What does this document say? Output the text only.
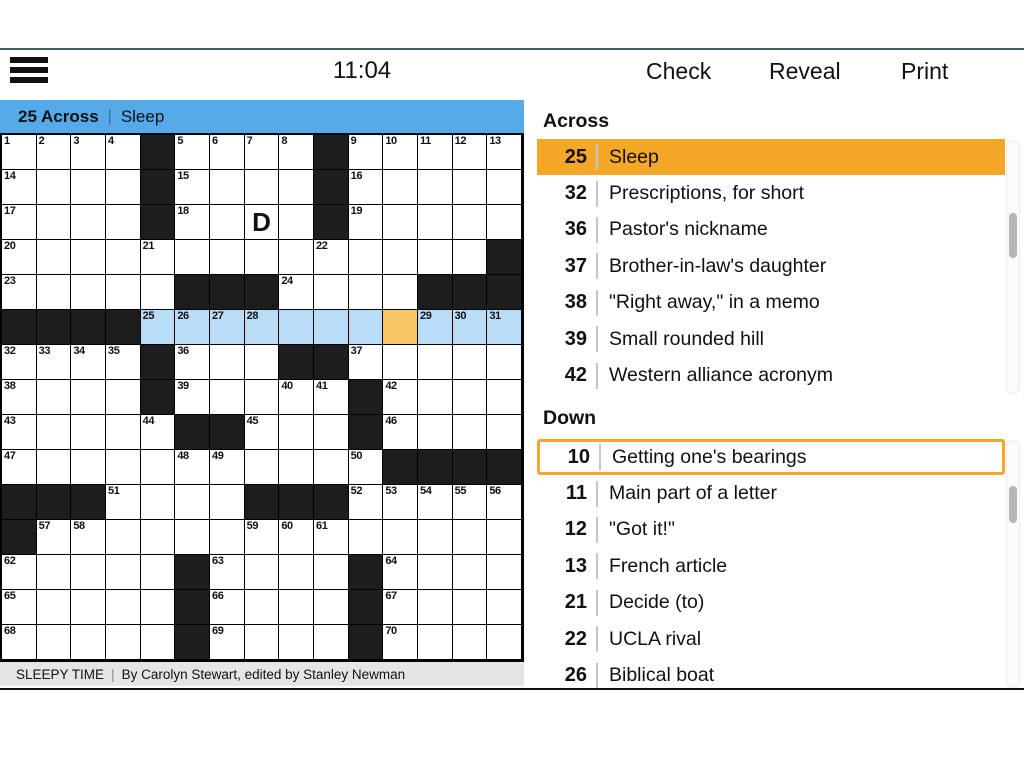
11:04	Check	Reveal	Print
25 Across | Sleep
1	2	3	4	5	6	7	8	9	10 11 12 13
14	15	16
17	18 D	19
20	21	22
23	24
25 26 27 28	29 30 31
32 33 34 35	36	37
38	39	40 41	42
43	44	45	46
47	48 49	50
51	52 53 54 55 56
57 58	59 60 61
62	63	64
65	66	67
68	69	70
SLEEPY TIME | By Carolyn Stewart, edited by Stanley Newman
Across
25	Sleep
32	Prescriptions, for short
36	Pastor's nickname
37	Brother-in-law's daughter
38	"Right away," in a memo
39	Small rounded hill
42	Western alliance acronym
Down
10	Getting one's bearings
11	Main part of a letter
12	"Got it!"
13	French article
21	Decide (to)
22	UCLA rival
26	Biblical boat
